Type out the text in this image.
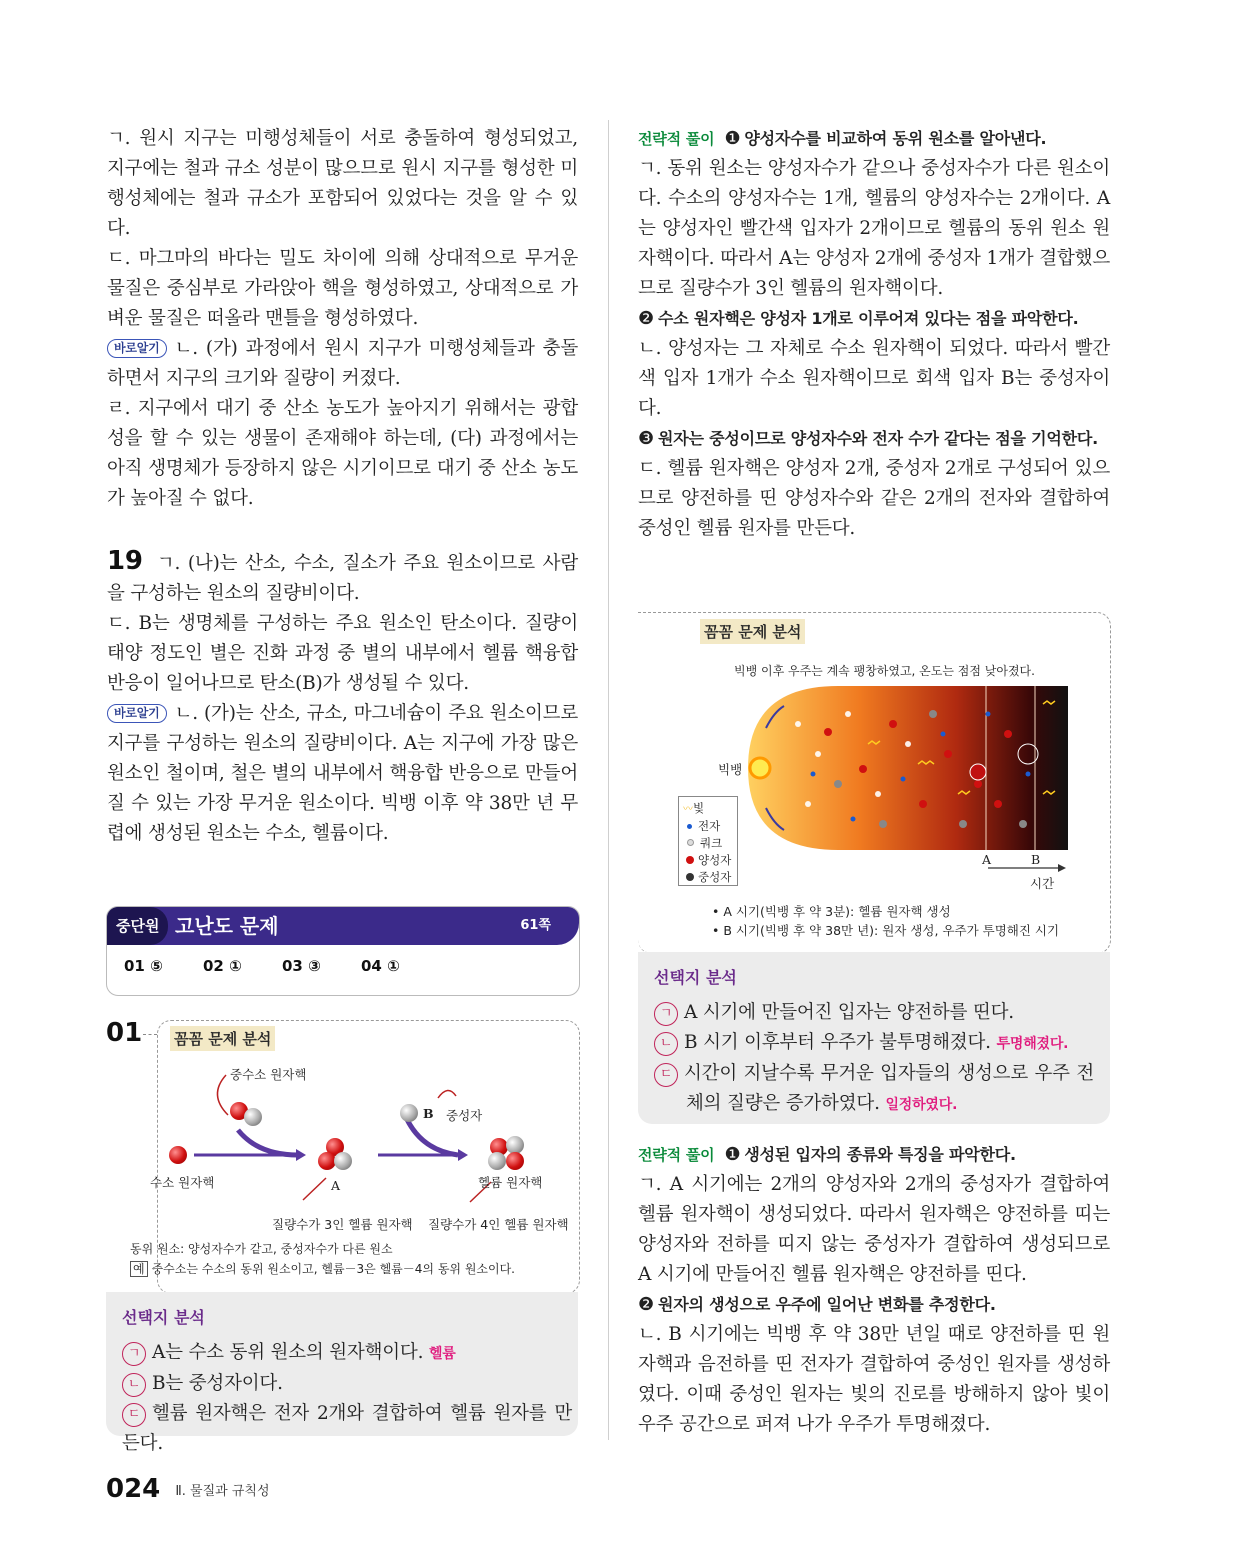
ㄱ. 원시 지구는 미행성체들이 서로 충돌하여 형성되었고, 지구에는 철과 규소 성분이 많으므로 원시 지구를 형성한 미행성체에는 철과 규소가 포함되어 있었다는 것을 알 수 있다.

ㄷ. 마그마의 바다는 밀도 차이에 의해 상대적으로 무거운 물질은 중심부로 가라앉아 핵을 형성하였고, 상대적으로 가벼운 물질은 떠올라 맨틀을 형성하였다.

바로알기 ㄴ. (가) 과정에서 원시 지구가 미행성체들과 충돌하면서 지구의 크기와 질량이 커졌다.

ㄹ. 지구에서 대기 중 산소 농도가 높아지기 위해서는 광합성을 할 수 있는 생물이 존재해야 하는데, (다) 과정에서는 아직 생명체가 등장하지 않은 시기이므로 대기 중 산소 농도가 높아질 수 없다.

19 ㄱ. (나)는 산소, 수소, 질소가 주요 원소이므로 사람을 구성하는 원소의 질량비이다.

ㄷ. B는 생명체를 구성하는 주요 원소인 탄소이다. 질량이 태양 정도인 별은 진화 과정 중 별의 내부에서 헬륨 핵융합 반응이 일어나므로 탄소(B)가 생성될 수 있다.

바로알기 ㄴ. (가)는 산소, 규소, 마그네슘이 주요 원소이므로 지구를 구성하는 원소의 질량비이다. A는 지구에 가장 많은 원소인 철이며, 철은 별의 내부에서 핵융합 반응으로 만들어질 수 있는 가장 무거운 원소이다. 빅뱅 이후 약 38만 년 무렵에 생성된 원소는 수소, 헬륨이다.

중단원 고난도 문제	61쪽
01 ⑤	02 ①	03 ③	04 ①
01 꼼꼼 문제 분석
중수소 원자핵
수소 원자핵	A
B 중성자
헬륨 원자핵
질량수가 3인 헬륨 원자핵 질량수가 4인 헬륨 원자핵
동위 원소: 양성자수가 같고, 중성자수가 다른 원소
예 중수소는 수소의 동위 원소이고, 헬륨－3은 헬륨－4의 동위 원소이다.
선택지 분석
ㄱ A는 수소 동위 원소의 원자핵이다. 헬륨
ㄴ B는 중성자이다.
ㄷ 헬륨 원자핵은 전자 2개와 결합하여 헬륨 원자를 만든다.

전략적 풀이 ❶ 양성자수를 비교하여 동위 원소를 알아낸다.

ㄱ. 동위 원소는 양성자수가 같으나 중성자수가 다른 원소이다. 수소의 양성자수는 1개, 헬륨의 양성자수는 2개이다. A는 양성자인 빨간색 입자가 2개이므로 헬륨의 동위 원소 원자핵이다. 따라서 A는 양성자 2개에 중성자 1개가 결합했으므로 질량수가 3인 헬륨의 원자핵이다.

❷ 수소 원자핵은 양성자 1개로 이루어져 있다는 점을 파악한다.

ㄴ. 양성자는 그 자체로 수소 원자핵이 되었다. 따라서 빨간색 입자 1개가 수소 원자핵이므로 회색 입자 B는 중성자이다.

❸ 원자는 중성이므로 양성자수와 전자 수가 같다는 점을 기억한다.

ㄷ. 헬륨 원자핵은 양성자 2개, 중성자 2개로 구성되어 있으므로 양전하를 띤 양성자수와 같은 2개의 전자와 결합하여 중성인 헬륨 원자를 만든다.

꼼꼼 문제 분석
빅뱅 이후 우주는 계속 팽창하였고, 온도는 점점 낮아졌다.
빅뱅
A	B
시간
〰빛
전자
쿼크
양성자
중성자
• A 시기(빅뱅 후 약 3분): 헬륨 원자핵 생성
• B 시기(빅뱅 후 약 38만 년): 원자 생성, 우주가 투명해진 시기
선택지 분석
ㄱ A 시기에 만들어진 입자는 양전하를 띤다.
ㄴ B 시기 이후부터 우주가 불투명해졌다. 투명해졌다.
ㄷ 시간이 지날수록 무거운 입자들의 생성으로 우주 전체의 질량은 증가하였다. 일정하였다.

전략적 풀이 ❶ 생성된 입자의 종류와 특징을 파악한다.

ㄱ. A 시기에는 2개의 양성자와 2개의 중성자가 결합하여 헬륨 원자핵이 생성되었다. 따라서 원자핵은 양전하를 띠는 양성자와 전하를 띠지 않는 중성자가 결합하여 생성되므로 A 시기에 만들어진 헬륨 원자핵은 양전하를 띤다.

❷ 원자의 생성으로 우주에 일어난 변화를 추정한다.

ㄴ. B 시기에는 빅뱅 후 약 38만 년일 때로 양전하를 띤 원자핵과 음전하를 띤 전자가 결합하여 중성인 원자를 생성하였다. 이때 중성인 원자는 빛의 진로를 방해하지 않아 빛이 우주 공간으로 퍼져 나가 우주가 투명해졌다.

024 Ⅱ. 물질과 규칙성
